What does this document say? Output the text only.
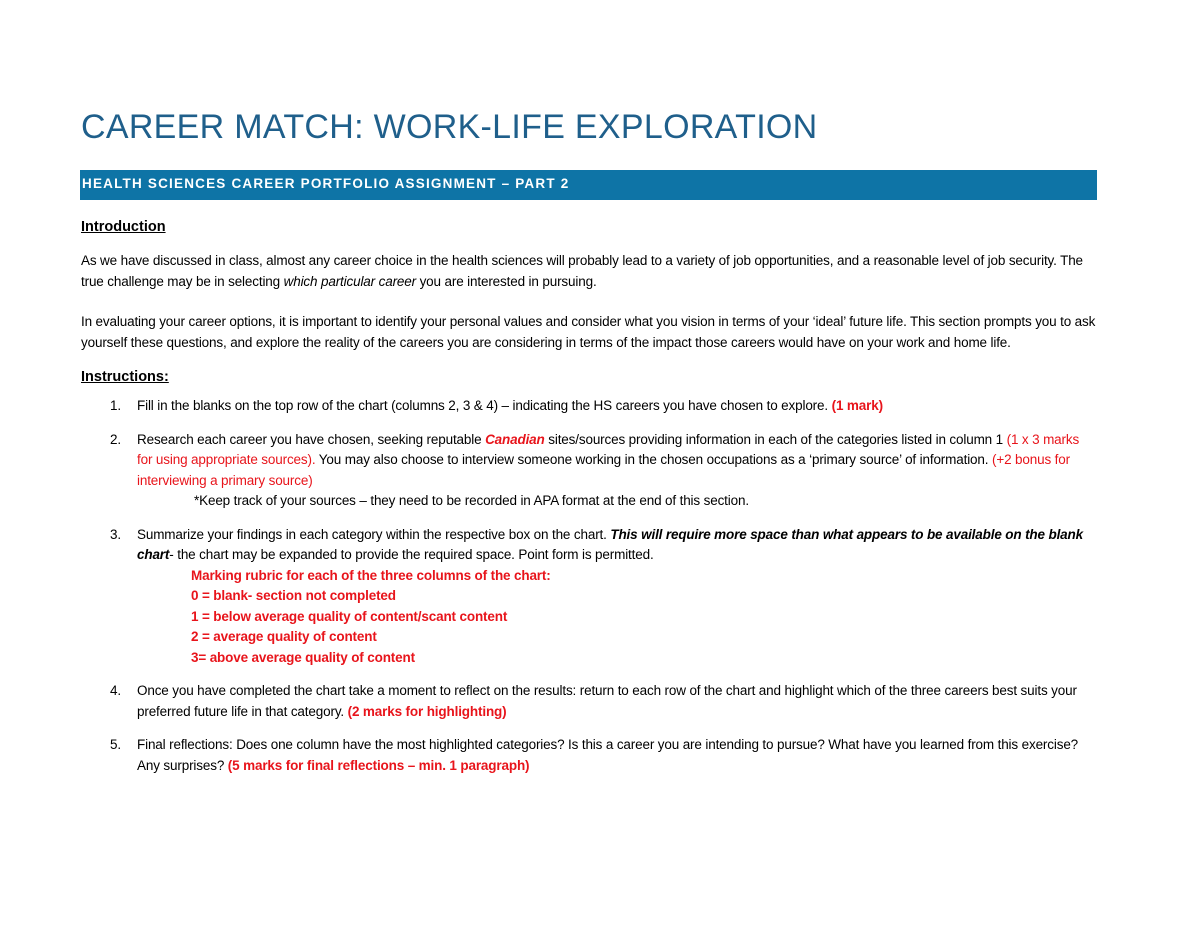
CAREER MATCH: WORK-LIFE EXPLORATION
HEALTH SCIENCES CAREER PORTFOLIO ASSIGNMENT – PART 2

Introduction

As we have discussed in class, almost any career choice in the health sciences will probably lead to a variety of job opportunities, and a reasonable level of job security. The true challenge may be in selecting which particular career you are interested in pursuing.

In evaluating your career options, it is important to identify your personal values and consider what you vision in terms of your ‘ideal’ future life. This section prompts you to ask yourself these questions, and explore the reality of the careers you are considering in terms of the impact those careers would have on your work and home life.

Instructions:

1.	Fill in the blanks on the top row of the chart (columns 2, 3 & 4) – indicating the HS careers you have chosen to explore. (1 mark)
2.	Research each career you have chosen, seeking reputable Canadian sites/sources providing information in each of the categories listed in column 1 (1 x 3 marks for using appropriate sources). You may also choose to interview someone working in the chosen occupations as a ‘primary source’ of information. (+2 bonus for interviewing a primary source)
*Keep track of your sources – they need to be recorded in APA format at the end of this section.
3.	Summarize your findings in each category within the respective box on the chart. This will require more space than what appears to be available on the blank chart- the chart may be expanded to provide the required space. Point form is permitted.
Marking rubric for each of the three columns of the chart:
0 = blank- section not completed
1 = below average quality of content/scant content
2 = average quality of content
3= above average quality of content
4.	Once you have completed the chart take a moment to reflect on the results: return to each row of the chart and highlight which of the three careers best suits your preferred future life in that category. (2 marks for highlighting)
5.	Final reflections: Does one column have the most highlighted categories? Is this a career you are intending to pursue? What have you learned from this exercise? Any surprises? (5 marks for final reflections – min. 1 paragraph)
